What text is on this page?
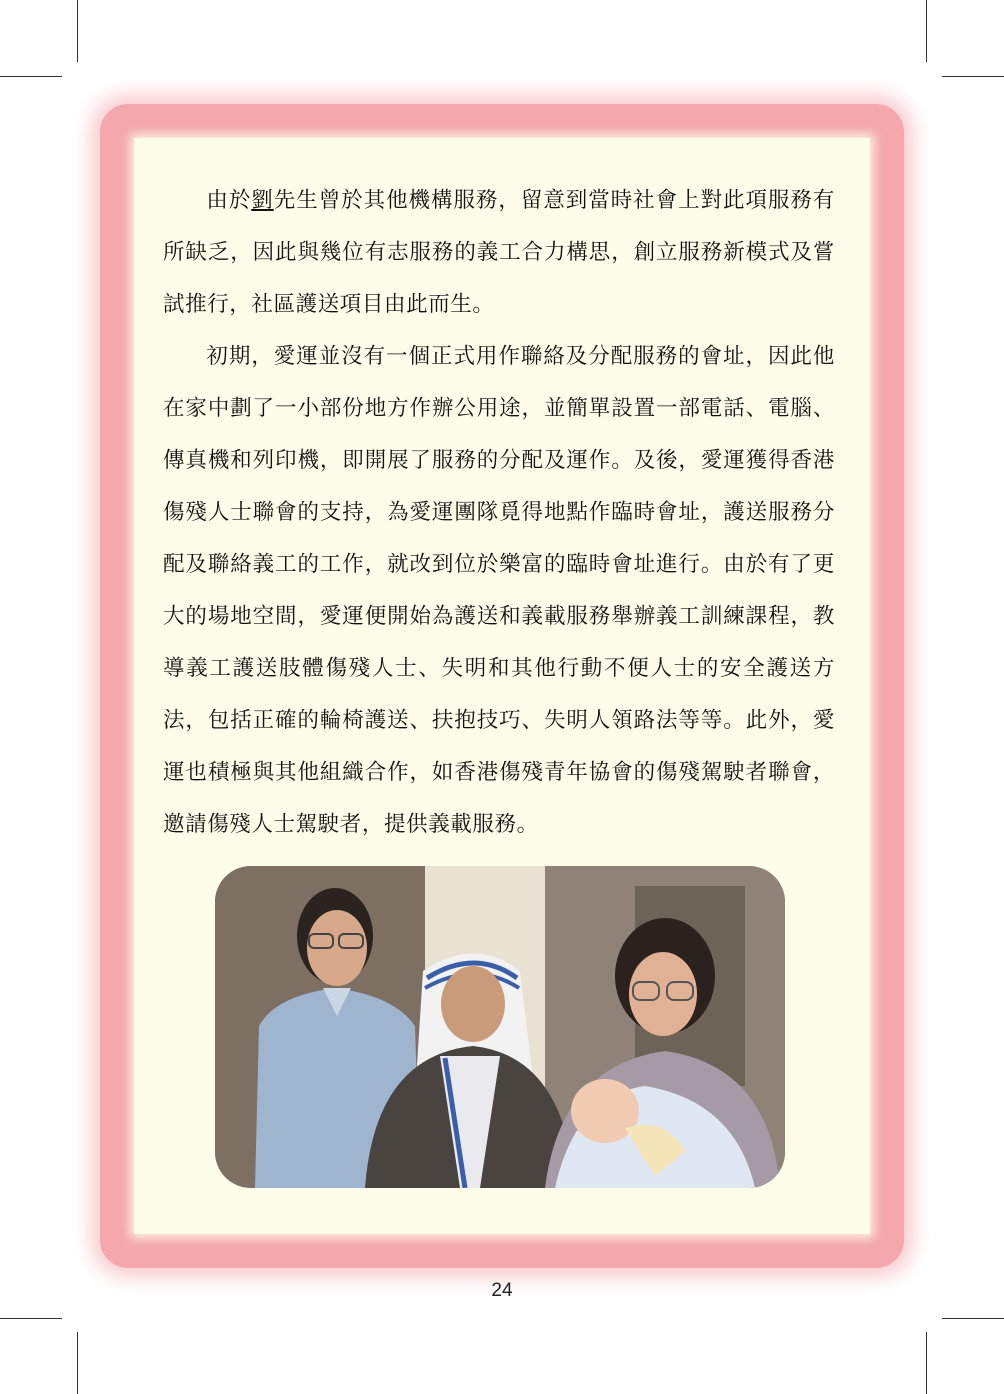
由於劉先生曾於其他機構服務，留意到當時社會上對此項服務有所缺乏，因此與幾位有志服務的義工合力構思，創立服務新模式及嘗試推行，社區護送項目由此而生。

初期，愛運並沒有一個正式用作聯絡及分配服務的會址，因此他在家中劃了一小部份地方作辦公用途，並簡單設置一部電話、電腦、傳真機和列印機，即開展了服務的分配及運作。及後，愛運獲得香港傷殘人士聯會的支持，為愛運團隊覓得地點作臨時會址，護送服務分配及聯絡義工的工作，就改到位於樂富的臨時會址進行。由於有了更大的場地空間，愛運便開始為護送和義載服務舉辦義工訓練課程，教導義工護送肢體傷殘人士、失明和其他行動不便人士的安全護送方法，包括正確的輪椅護送、扶抱技巧、失明人領路法等等。此外，愛運也積極與其他組織合作，如香港傷殘青年協會的傷殘駕駛者聯會，邀請傷殘人士駕駛者，提供義載服務。

24
